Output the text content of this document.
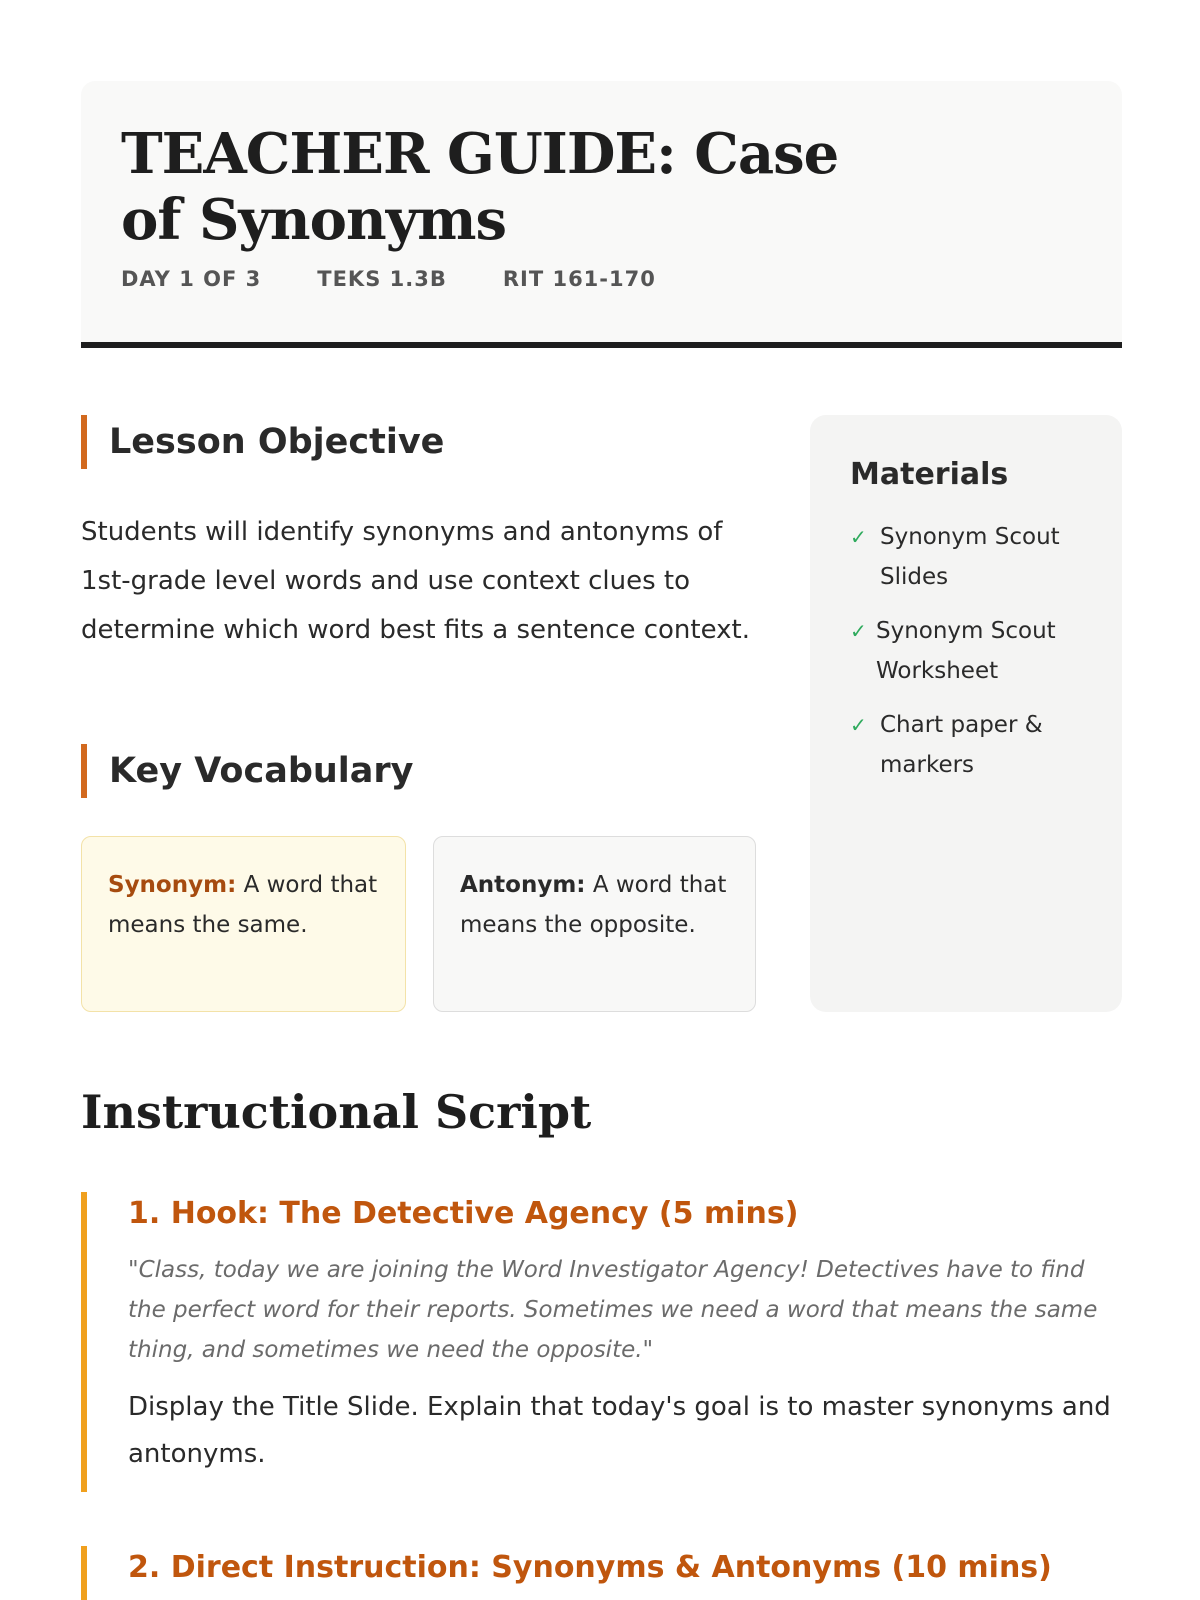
TEACHER GUIDE: Case of Synonyms
DAY 1 OF 3	TEKS 1.3B	RIT 161-170
Lesson Objective

Students will identify synonyms and antonyms of 1st-grade level words and use context clues to determine which word best fits a sentence context.

Key Vocabulary
Synonym: A word that means the same.
Antonym: A word that means the opposite.
Materials
✓ Synonym Scout Slides
✓ Synonym Scout Worksheet
✓ Chart paper & markers
Instructional Script
1. Hook: The Detective Agency (5 mins)

"Class, today we are joining the Word Investigator Agency! Detectives have to find the perfect word for their reports. Sometimes we need a word that means the same thing, and sometimes we need the opposite."

Display the Title Slide. Explain that today's goal is to master synonyms and antonyms.

2. Direct Instruction: Synonyms & Antonyms (10 mins)
